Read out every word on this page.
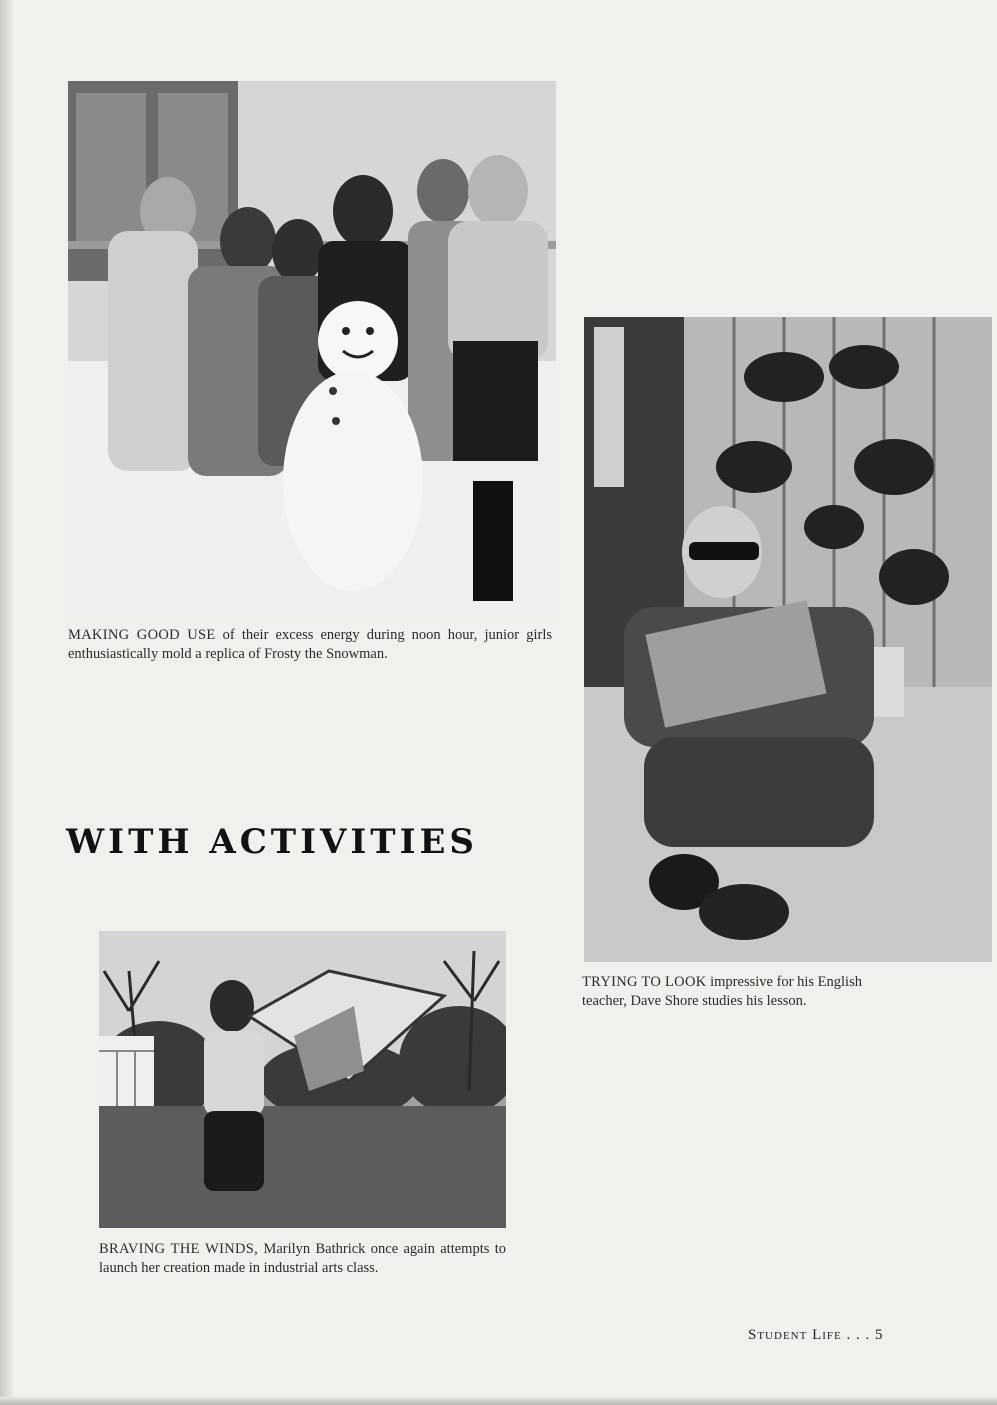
MAKING GOOD USE of their excess energy during noon hour, junior girls enthusiastically mold a replica of Frosty the Snowman.

TRYING TO LOOK impressive for his English teacher, Dave Shore studies his lesson.

WITH ACTIVITIES

BRAVING THE WINDS, Marilyn Bathrick once again attempts to launch her creation made in industrial arts class.

Student Life . . . 5
